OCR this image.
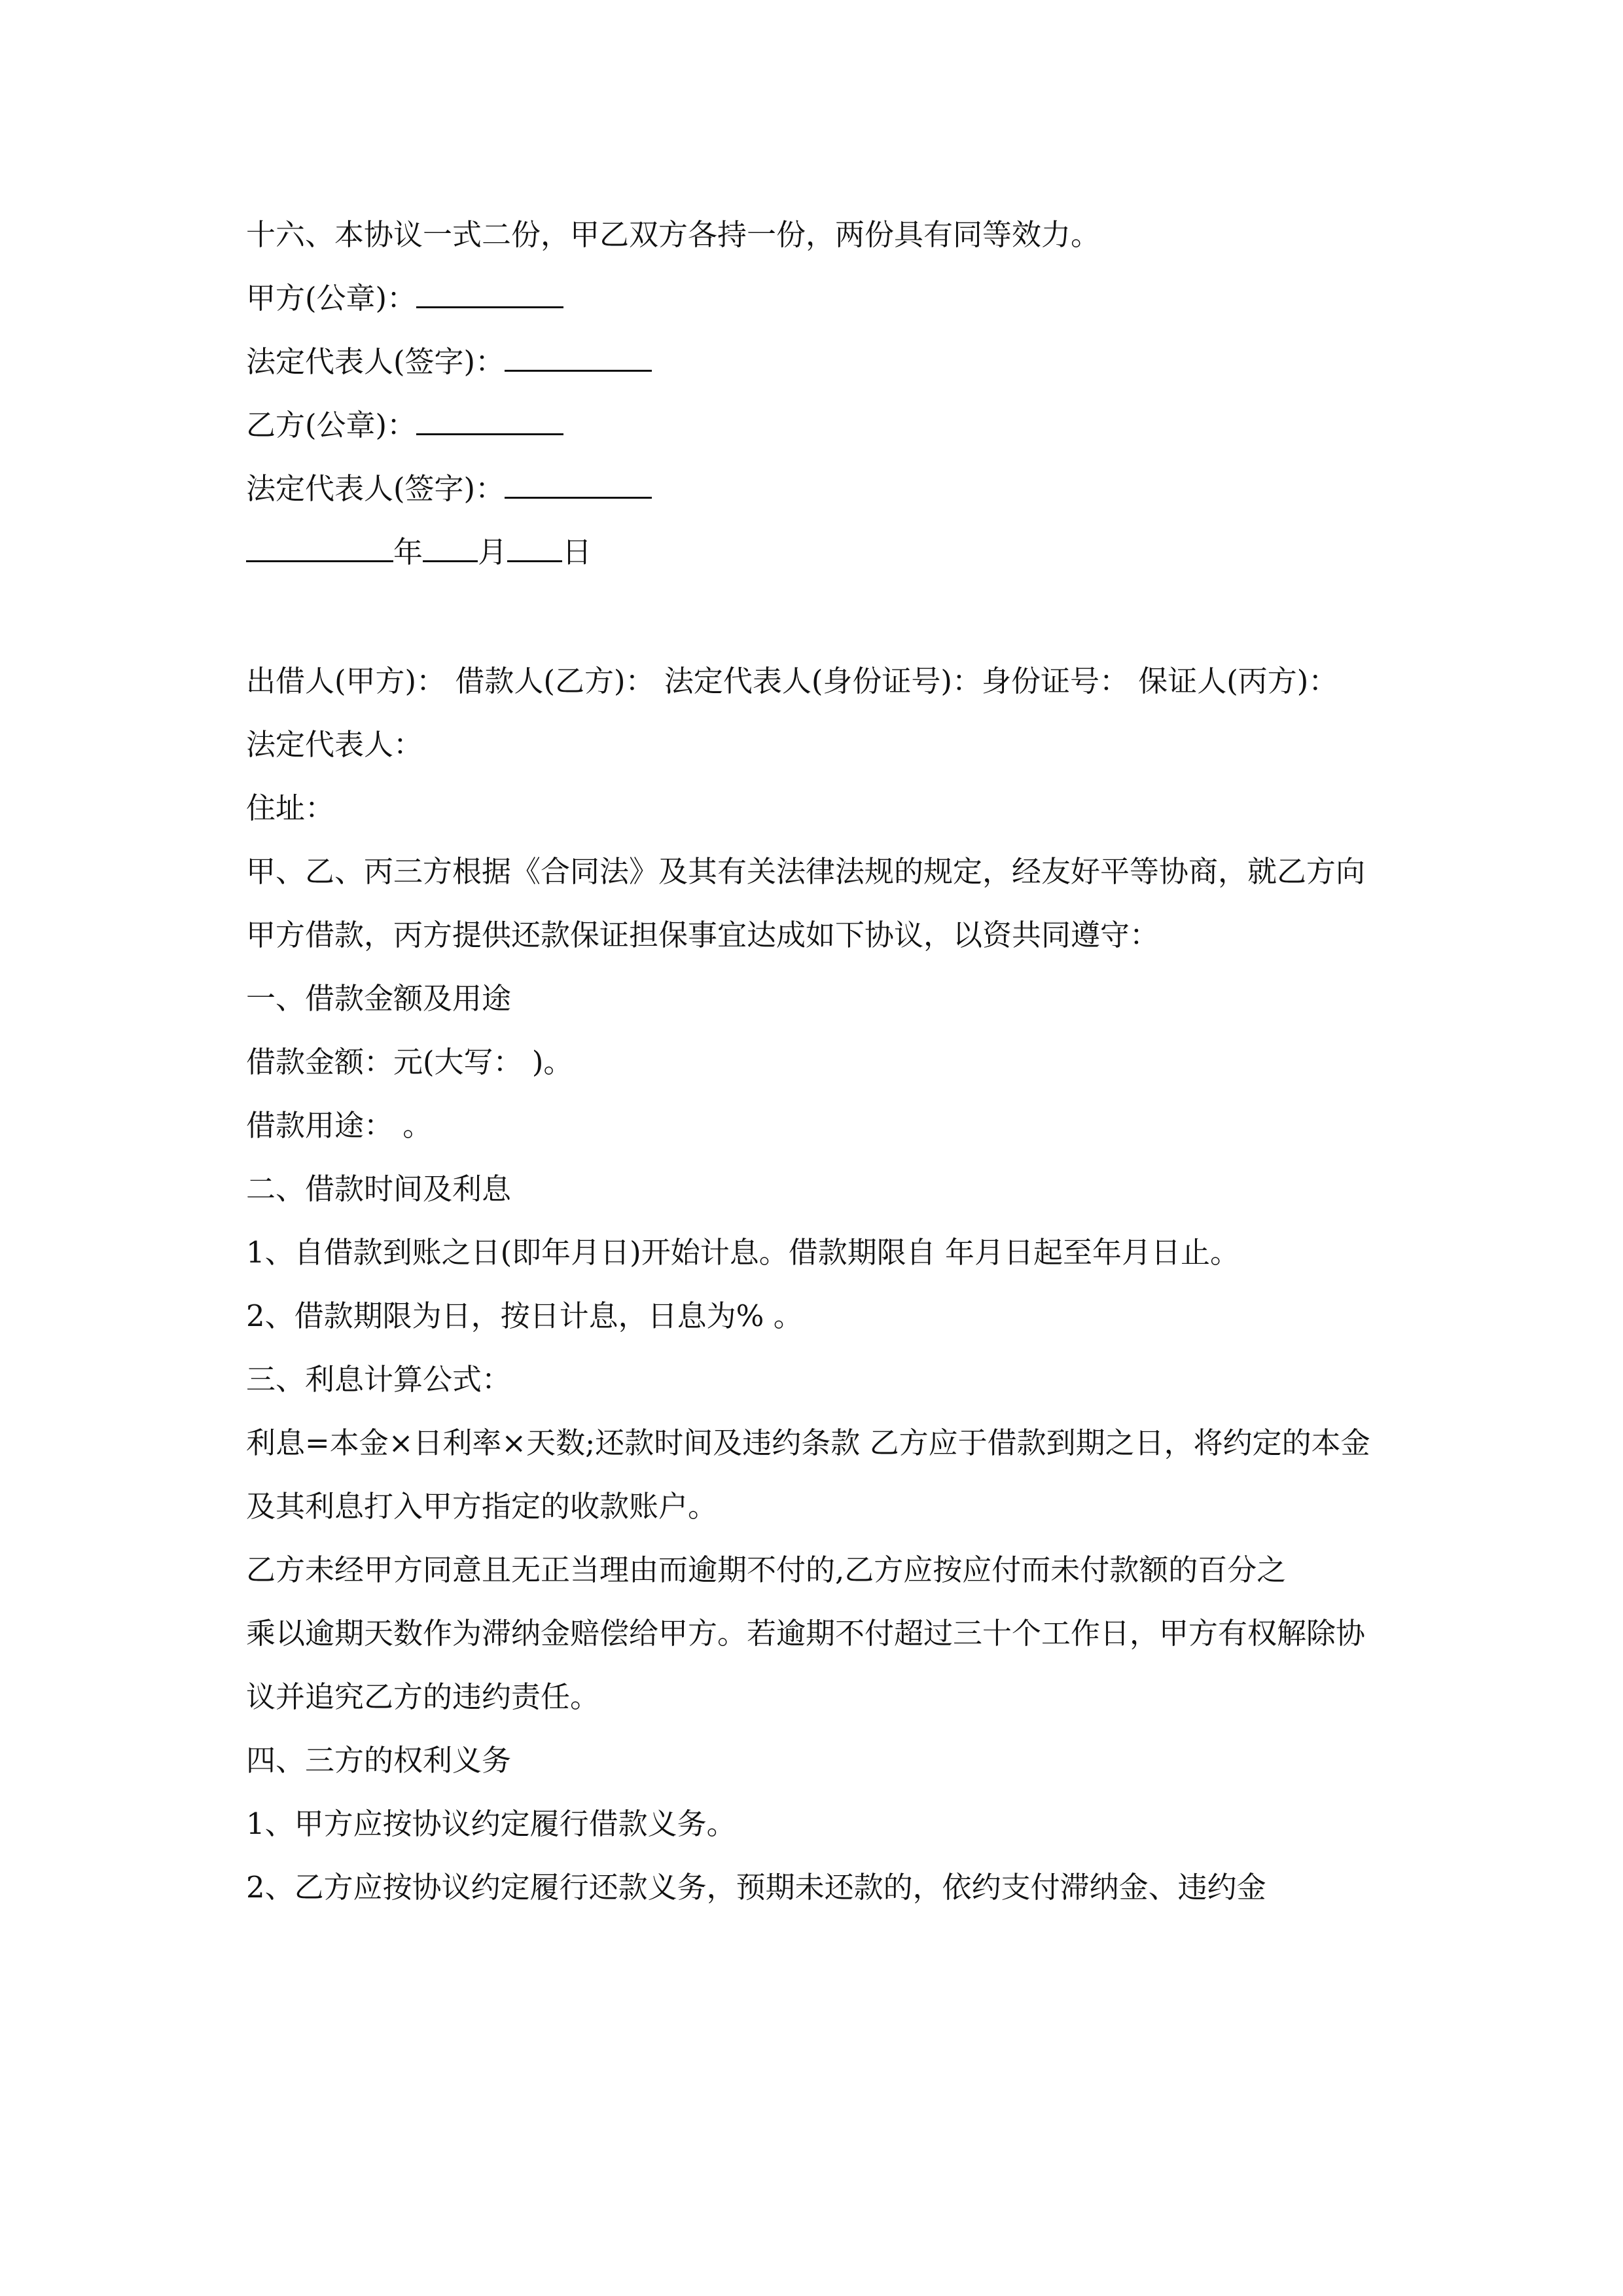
十六、本协议一式二份，甲乙双方各持一份，两份具有同等效力。

甲方(公章)：

法定代表人(签字)：

乙方(公章)：

法定代表人(签字)：

年 月 日

出借人(甲方)： 借款人(乙方)： 法定代表人(身份证号)：身份证号： 保证人(丙方)：

法定代表人：

住址：

甲、乙、丙三方根据《合同法》及其有关法律法规的规定，经友好平等协商，就乙方向甲方借款，丙方提供还款保证担保事宜达成如下协议，以资共同遵守：

一、借款金额及用途

借款金额：元(大写： )。

借款用途： 。

二、借款时间及利息

1、自借款到账之日(即年月日)开始计息。借款期限自 年月日起至年月日止。

2、借款期限为日，按日计息，日息为% 。

三、利息计算公式：

利息=本金×日利率×天数;还款时间及违约条款 乙方应于借款到期之日，将约定的本金及其利息打入甲方指定的收款账户。

乙方未经甲方同意且无正当理由而逾期不付的,乙方应按应付而未付款额的百分之

乘以逾期天数作为滞纳金赔偿给甲方。若逾期不付超过三十个工作日，甲方有权解除协议并追究乙方的违约责任。

四、三方的权利义务

1、甲方应按协议约定履行借款义务。

2、乙方应按协议约定履行还款义务，预期未还款的，依约支付滞纳金、违约金
